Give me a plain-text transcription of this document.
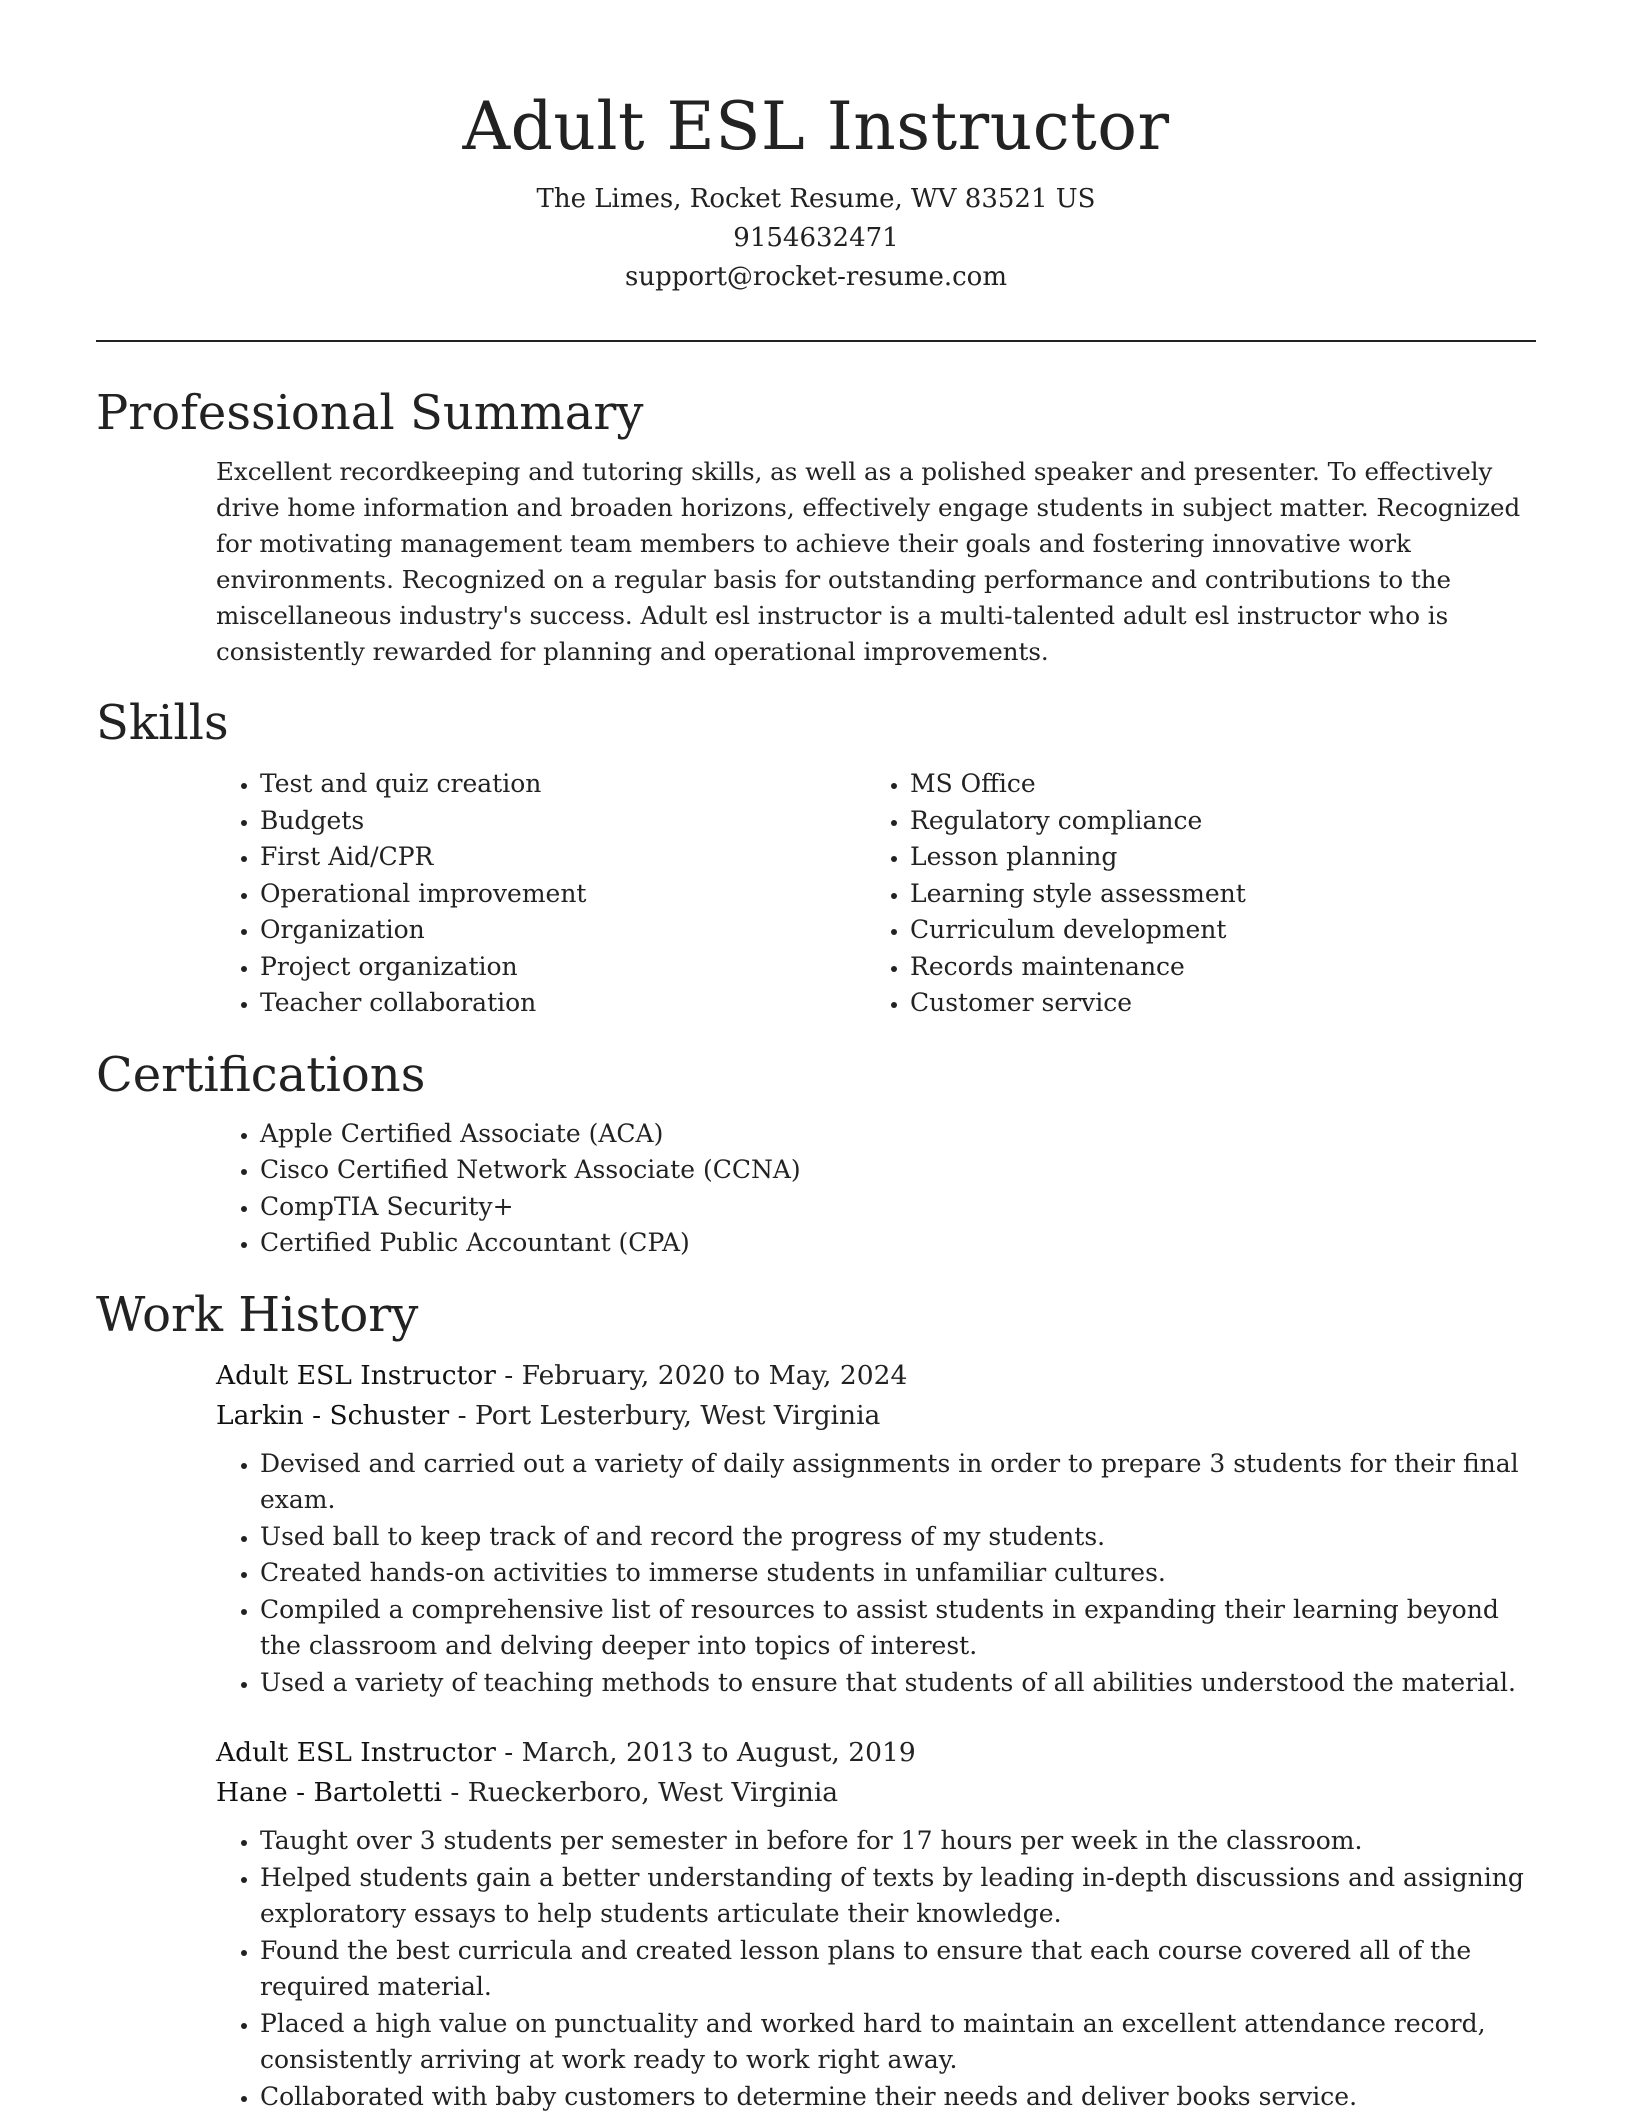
Adult ESL Instructor
The Limes, Rocket Resume, WV 83521 US
9154632471
support@rocket-resume.com
Professional Summary

Excellent recordkeeping and tutoring skills, as well as a polished speaker and presenter. To effectively drive home information and broaden horizons, effectively engage students in subject matter. Recognized for motivating management team members to achieve their goals and fostering innovative work environments. Recognized on a regular basis for outstanding performance and contributions to the miscellaneous industry's success. Adult esl instructor is a multi-talented adult esl instructor who is consistently rewarded for planning and operational improvements.

Skills
• Test and quiz creation
• Budgets
• First Aid/CPR
• Operational improvement
• Organization
• Project organization
• Teacher collaboration
• MS Office
• Regulatory compliance
• Lesson planning
• Learning style assessment
• Curriculum development
• Records maintenance
• Customer service
Certifications
• Apple Certified Associate (ACA)
• Cisco Certified Network Associate (CCNA)
• CompTIA Security+
• Certified Public Accountant (CPA)
Work History
Adult ESL Instructor - February, 2020 to May, 2024
Larkin - Schuster - Port Lesterbury, West Virginia
• Devised and carried out a variety of daily assignments in order to prepare 3 students for their final exam.
• Used ball to keep track of and record the progress of my students.
• Created hands-on activities to immerse students in unfamiliar cultures.
• Compiled a comprehensive list of resources to assist students in expanding their learning beyond the classroom and delving deeper into topics of interest.
• Used a variety of teaching methods to ensure that students of all abilities understood the material.
Adult ESL Instructor - March, 2013 to August, 2019
Hane - Bartoletti - Rueckerboro, West Virginia
• Taught over 3 students per semester in before for 17 hours per week in the classroom.
• Helped students gain a better understanding of texts by leading in-depth discussions and assigning exploratory essays to help students articulate their knowledge.
• Found the best curricula and created lesson plans to ensure that each course covered all of the required material.
• Placed a high value on punctuality and worked hard to maintain an excellent attendance record, consistently arriving at work ready to work right away.
• Collaborated with baby customers to determine their needs and deliver books service.
